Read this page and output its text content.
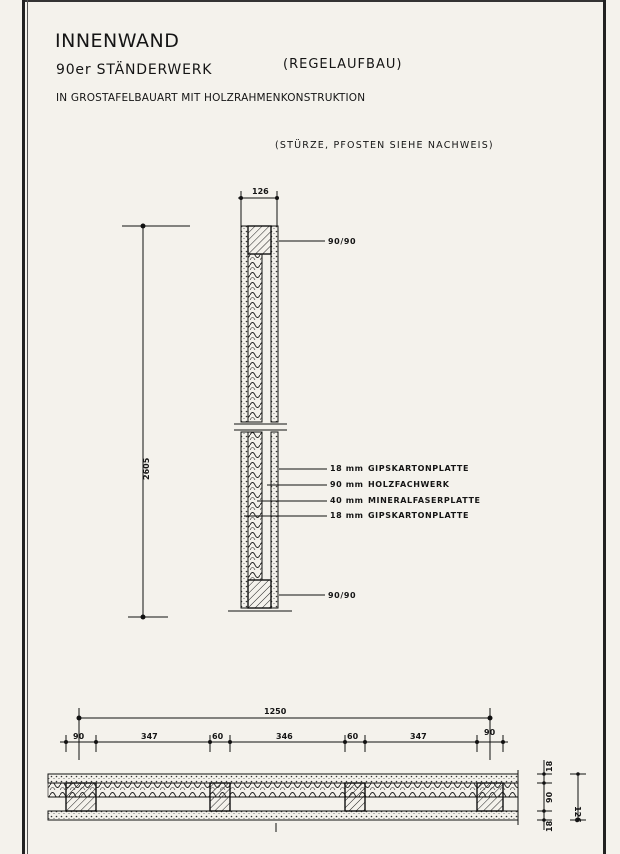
INNENWAND

90er STÄNDERWERK	(REGELAUFBAU)

IN GROSTAFELBAUART MIT HOLZRAHMENKONSTRUKTION

(STÜRZE, PFOSTEN SIEHE NACHWEIS)

126
2605
90/90
18 mm GIPSKARTONPLATTE
90 mm HOLZFACHWERK
40 mm MINERALFASERPLATTE
18 mm GIPSKARTONPLATTE
90/90
1250
90	347	60	346	60	347	90
18
90
18
126
